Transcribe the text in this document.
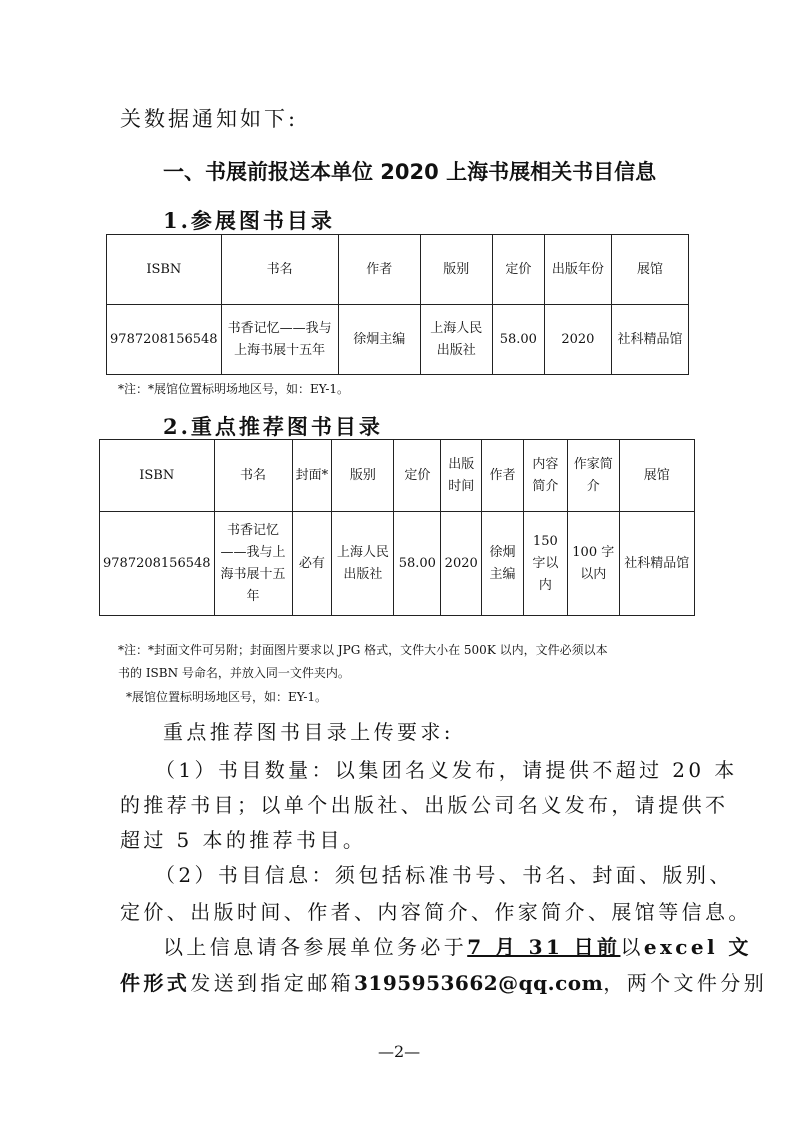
关数据通知如下:
一、书展前报送本单位 2020 上海书展相关书目信息
1.参展图书目录
ISBN	书名	作者	版别	定价	出版年份	展馆
9787208156548	书香记忆——我与上海书展十五年	徐炯主编	上海人民出版社	58.00	2020	社科精品馆
*注：*展馆位置标明场地区号，如：EY-1。
2.重点推荐图书目录
ISBN	书名	封面*	版别	定价	出版时间	作者	内容简介	作家简介	展馆
9787208156548	书香记忆——我与上海书展十五年	必有	上海人民出版社	58.00	2020	徐炯主编	150 字以内	100 字以内	社科精品馆
*注：*封面文件可另附；封面图片要求以 JPG 格式，文件大小在 500K 以内，文件必须以本
书的 ISBN 号命名，并放入同一文件夹内。
*展馆位置标明场地区号，如：EY-1。
重点推荐图书目录上传要求:
（1）书目数量：以集团名义发布，请提供不超过 20 本
的推荐书目；以单个出版社、出版公司名义发布，请提供不
超过 5 本的推荐书目。
（2）书目信息：须包括标准书号、书名、封面、版别、
定价、出版时间、作者、内容简介、作家简介、展馆等信息。
以上信息请各参展单位务必于7 月 31 日前以excel 文
件形式发送到指定邮箱3195953662@qq.com，两个文件分别
—2—
